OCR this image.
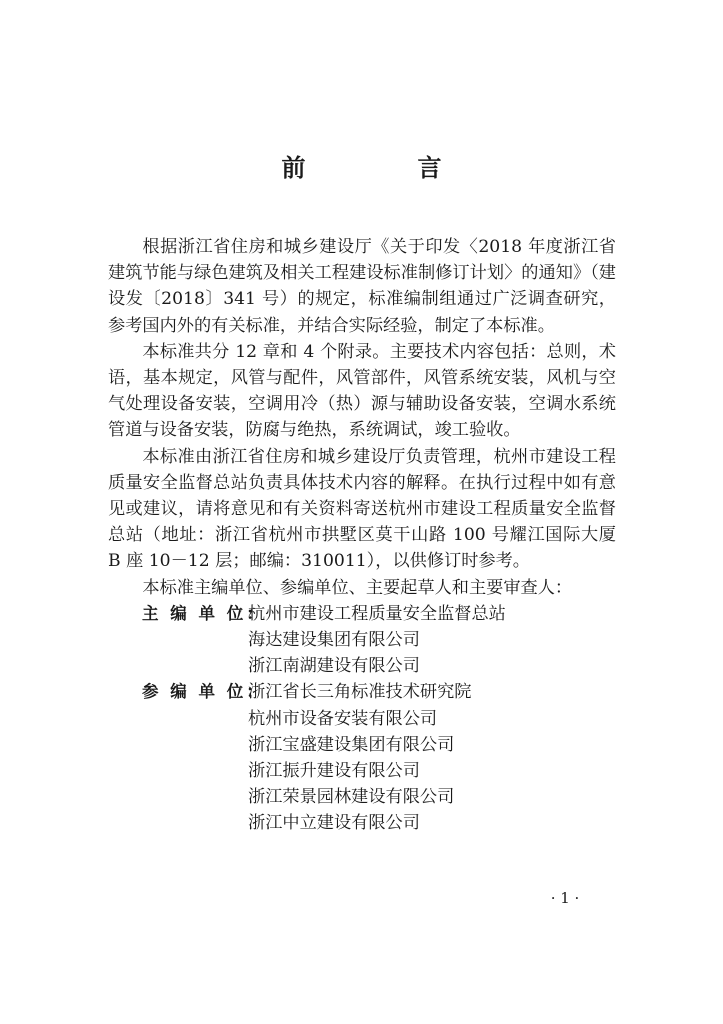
前　言

根据浙江省住房和城乡建设厅《关于印发〈2018 年度浙江省建筑节能与绿色建筑及相关工程建设标准制修订计划〉的通知》（建设发〔2018〕341 号）的规定，标准编制组通过广泛调查研究，参考国内外的有关标准，并结合实际经验，制定了本标准。

本标准共分 12 章和 4 个附录。主要技术内容包括：总则，术语，基本规定，风管与配件，风管部件，风管系统安装，风机与空气处理设备安装，空调用冷（热）源与辅助设备安装，空调水系统管道与设备安装，防腐与绝热，系统调试，竣工验收。

本标准由浙江省住房和城乡建设厅负责管理，杭州市建设工程质量安全监督总站负责具体技术内容的解释。在执行过程中如有意见或建议，请将意见和有关资料寄送杭州市建设工程质量安全监督总站（地址：浙江省杭州市拱墅区莫干山路 100 号耀江国际大厦 B 座 10－12 层；邮编：310011），以供修订时参考。

本标准主编单位、参编单位、主要起草人和主要审查人：

主 编 单 位：
杭州市建设工程质量安全监督总站
海达建设集团有限公司
浙江南湖建设有限公司
参 编 单 位：
浙江省长三角标准技术研究院
杭州市设备安装有限公司
浙江宝盛建设集团有限公司
浙江振升建设有限公司
浙江荣景园林建设有限公司
浙江中立建设有限公司
· 1 ·
